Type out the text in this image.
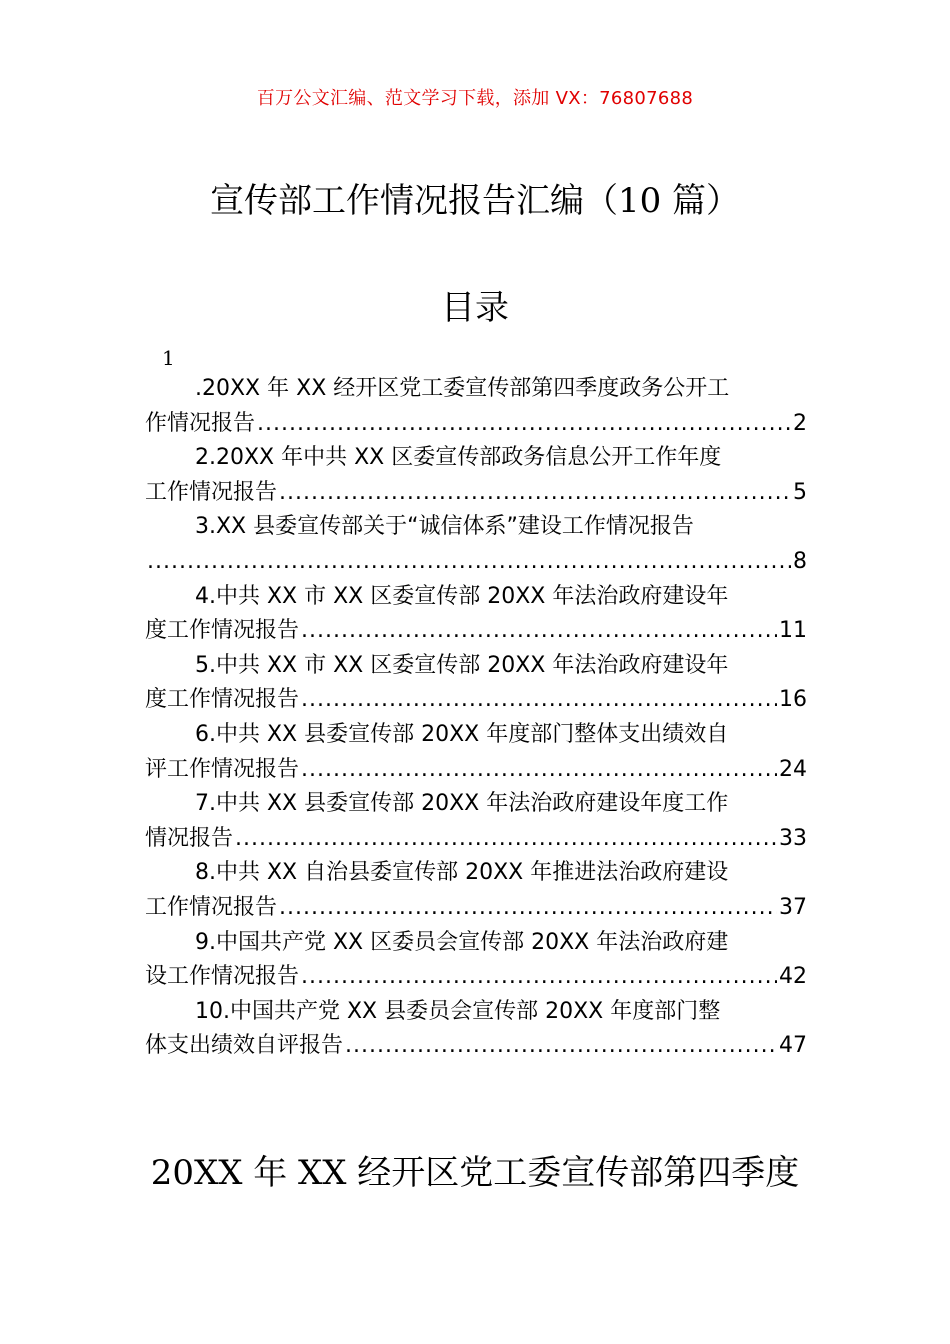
百万公文汇编、范文学习下载，添加 VX：76807688
宣传部工作情况报告汇编（10 篇）
目录
1
.20XX 年 XX 经开区党工委宣传部第四季度政务公开工
作情况报告 .....	2
2.20XX 年中共 XX 区委宣传部政务信息公开工作年度
工作情况报告 .....	5
3.XX 县委宣传部关于“诚信体系”建设工作情况报告
.....
8
4.中共 XX 市 XX 区委宣传部 20XX 年法治政府建设年
度工作情况报告 .....	11
5.中共 XX 市 XX 区委宣传部 20XX 年法治政府建设年
度工作情况报告 .....	16
6.中共 XX 县委宣传部 20XX 年度部门整体支出绩效自
评工作情况报告 .....	24
7.中共 XX 县委宣传部 20XX 年法治政府建设年度工作
情况报告 .....	33
8.中共 XX 自治县委宣传部 20XX 年推进法治政府建设
工作情况报告 .....	37
9.中国共产党 XX 区委员会宣传部 20XX 年法治政府建
设工作情况报告 .....	42
10.中国共产党 XX 县委员会宣传部 20XX 年度部门整
体支出绩效自评报告 .....	47
20XX 年 XX 经开区党工委宣传部第四季度
